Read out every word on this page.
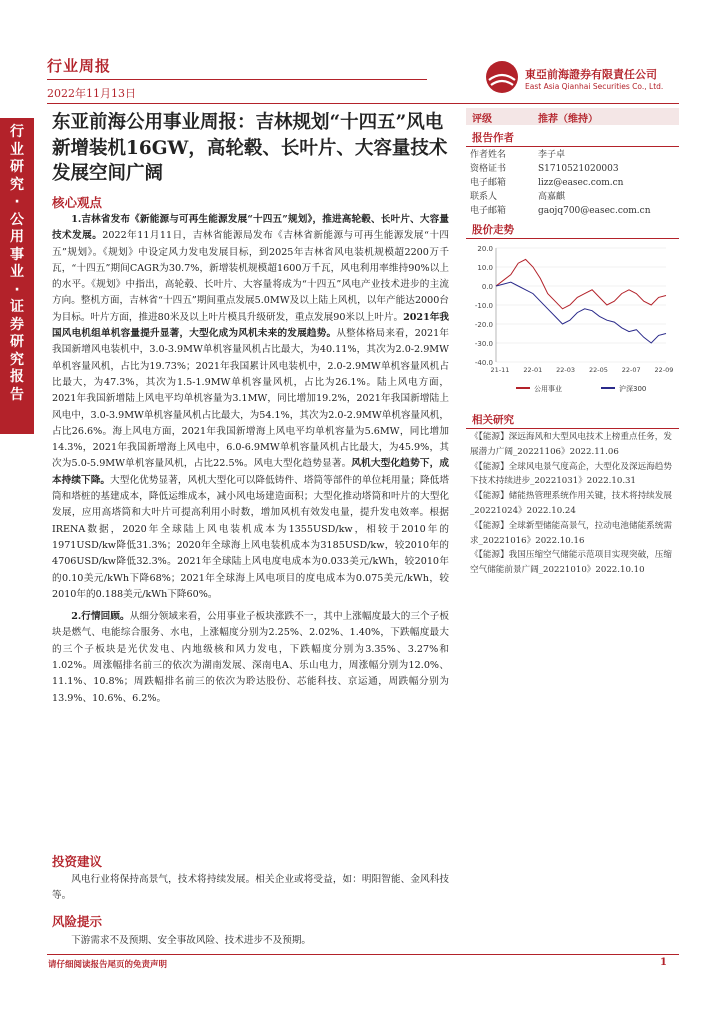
行业周报
2022年11月13日
東亞前海證券有限責任公司
East Asia Qianhai Securities Co., Ltd.
行
业
研
究
·
公
用
事
业
·
证
券
研
究
报
告
东亚前海公用事业周报：吉林规划“十四五”风电新增装机16GW，高轮毂、长叶片、大容量技术发展空间广阔
核心观点

1.吉林省发布《新能源与可再生能源发展“十四五”规划》，推进高轮毂、长叶片、大容量技术发展。2022年11月11日，吉林省能源局发布《吉林省新能源与可再生能源发展“十四五”规划》。《规划》中设定风力发电发展目标，到2025年吉林省风电装机规模超2200万千瓦，“十四五”期间CAGR为30.7%，新增装机规模超1600万千瓦，风电利用率维持90%以上的水平。《规划》中指出，高轮毂、长叶片、大容量将成为“十四五”风电产业技术进步的主流方向。整机方面，吉林省“十四五”期间重点发展5.0MW及以上陆上风机，以年产能达2000台为目标。叶片方面，推进80米及以上叶片模具升级研发，重点发展90米以上叶片。2021年我国风电机组单机容量提升显著，大型化成为风机未来的发展趋势。从整体格局来看，2021年我国新增风电装机中，3.0-3.9MW单机容量风机占比最大，为40.11%，其次为2.0-2.9MW单机容量风机，占比为19.73%；2021年我国累计风电装机中，2.0-2.9MW单机容量风机占比最大，为47.3%，其次为1.5-1.9MW单机容量风机，占比为26.1%。陆上风电方面，2021年我国新增陆上风电平均单机容量为3.1MW，同比增加19.2%，2021年我国新增陆上风电中，3.0-3.9MW单机容量风机占比最大，为54.1%，其次为2.0-2.9MW单机容量风机，占比26.6%。海上风电方面，2021年我国新增海上风电平均单机容量为5.6MW，同比增加14.3%，2021年我国新增海上风电中，6.0-6.9MW单机容量风机占比最大，为45.9%，其次为5.0-5.9MW单机容量风机，占比22.5%。风电大型化趋势显著。风机大型化趋势下，成本持续下降。大型化优势显著，风机大型化可以降低铸件、塔筒等部件的单位耗用量；降低塔筒和塔桩的基建成本，降低运维成本，减小风电场建造面积；大型化推动塔筒和叶片的大型化发展，应用高塔筒和大叶片可提高利用小时数，增加风机有效发电量，提升发电效率。根据IRENA数据，2020年全球陆上风电装机成本为1355USD/kw，相较于2010年的1971USD/kw降低31.3%；2020年全球海上风电装机成本为3185USD/kw，较2010年的4706USD/kw降低32.3%。2021年全球陆上风电度电成本为0.033美元/kWh，较2010年的0.10美元/kWh下降68%；2021年全球海上风电项目的度电成本为0.075美元/kWh，较2010年的0.188美元/kWh下降60%。

2.行情回顾。从细分领域来看，公用事业子板块涨跌不一，其中上涨幅度最大的三个子板块是燃气、电能综合服务、水电，上涨幅度分别为2.25%、2.02%、1.40%，下跌幅度最大的三个子板块是光伏发电、内地级核和风力发电，下跌幅度分别为3.35%、3.27%和1.02%。周涨幅排名前三的依次为湖南发展、深南电A、乐山电力，周涨幅分别为12.0%、11.1%、10.8%；周跌幅排名前三的依次为聆达股份、芯能科技、京运通，周跌幅分别为13.9%、10.6%、6.2%。

投资建议

风电行业将保持高景气，技术将持续发展。相关企业或将受益，如：明阳智能、金风科技等。

风险提示

下游需求不及预期、安全事故风险、技术进步不及预期。

评级	推荐（维持）
报告作者
作者姓名	李子卓
资格证书	S1710521020003
电子邮箱	lizz@easec.com.cn
联系人	高嘉麒
电子邮箱	gaojq700@easec.com.cn
股价走势
20.0
10.0
0.0
-10.0
-20.0
-30.0
-40.0
21-11 22-01 22-03 22-05 22-07 22-09
公用事业	沪深300
相关研究
《【能源】深远海风和大型风电技术上榜重点任务，发展潜力广阔_20221106》2022.11.06
《【能源】全球风电景气度高企，大型化及深远海趋势下技术持续进步_20221031》2022.10.31
《【能源】储能热管理系统作用关键，技术将持续发展_20221024》2022.10.24
《【能源】全球新型储能高景气，拉动电池储能系统需求_20221016》2022.10.16
《【能源】我国压缩空气储能示范项目实现突破，压缩空气储能前景广阔_20221010》2022.10.10
请仔细阅读报告尾页的免责声明	1
